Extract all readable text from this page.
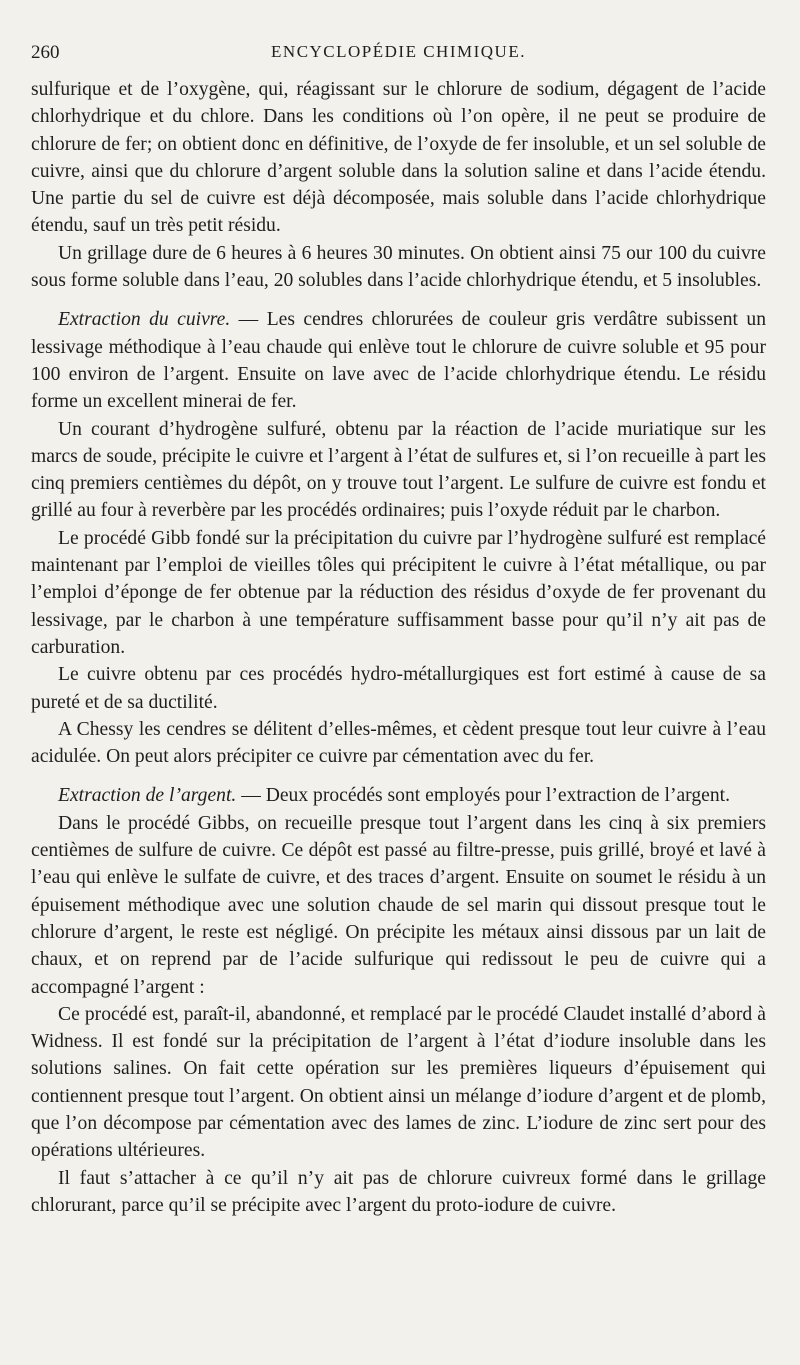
260	ENCYCLOPÉDIE CHIMIQUE.

sulfurique et de l’oxygène, qui, réagissant sur le chlorure de sodium, dégagent de l’acide chlorhydrique et du chlore. Dans les conditions où l’on opère, il ne peut se produire de chlorure de fer; on obtient donc en définitive, de l’oxyde de fer insoluble, et un sel soluble de cuivre, ainsi que du chlorure d’argent soluble dans la solution saline et dans l’acide étendu. Une partie du sel de cuivre est déjà décomposée, mais soluble dans l’acide chlorhydrique étendu, sauf un très petit résidu.

Un grillage dure de 6 heures à 6 heures 30 minutes. On obtient ainsi 75 our 100 du cuivre sous forme soluble dans l’eau, 20 solubles dans l’acide chlorhydrique étendu, et 5 insolubles.

Extraction du cuivre. — Les cendres chlorurées de couleur gris verdâtre subissent un lessivage méthodique à l’eau chaude qui enlève tout le chlorure de cuivre soluble et 95 pour 100 environ de l’argent. Ensuite on lave avec de l’acide chlorhydrique étendu. Le résidu forme un excellent minerai de fer.

Un courant d’hydrogène sulfuré, obtenu par la réaction de l’acide muriatique sur les marcs de soude, précipite le cuivre et l’argent à l’état de sulfures et, si l’on recueille à part les cinq premiers centièmes du dépôt, on y trouve tout l’argent. Le sulfure de cuivre est fondu et grillé au four à reverbère par les procédés ordinaires; puis l’oxyde réduit par le charbon.

Le procédé Gibb fondé sur la précipitation du cuivre par l’hydrogène sulfuré est remplacé maintenant par l’emploi de vieilles tôles qui précipitent le cuivre à l’état métallique, ou par l’emploi d’éponge de fer obtenue par la réduction des résidus d’oxyde de fer provenant du lessivage, par le charbon à une température suffisamment basse pour qu’il n’y ait pas de carburation.

Le cuivre obtenu par ces procédés hydro-métallurgiques est fort estimé à cause de sa pureté et de sa ductilité.

A Chessy les cendres se délitent d’elles-mêmes, et cèdent presque tout leur cuivre à l’eau acidulée. On peut alors précipiter ce cuivre par cémentation avec du fer.

Extraction de l’argent. — Deux procédés sont employés pour l’extraction de l’argent.

Dans le procédé Gibbs, on recueille presque tout l’argent dans les cinq à six premiers centièmes de sulfure de cuivre. Ce dépôt est passé au filtre-presse, puis grillé, broyé et lavé à l’eau qui enlève le sulfate de cuivre, et des traces d’argent. Ensuite on soumet le résidu à un épuisement méthodique avec une solution chaude de sel marin qui dissout presque tout le chlorure d’argent, le reste est négligé. On précipite les métaux ainsi dissous par un lait de chaux, et on reprend par de l’acide sulfurique qui redissout le peu de cuivre qui a accompagné l’argent :

Ce procédé est, paraît-il, abandonné, et remplacé par le procédé Claudet installé d’abord à Widness. Il est fondé sur la précipitation de l’argent à l’état d’iodure insoluble dans les solutions salines. On fait cette opération sur les premières liqueurs d’épuisement qui contiennent presque tout l’argent. On obtient ainsi un mélange d’iodure d’argent et de plomb, que l’on décompose par cémentation avec des lames de zinc. L’iodure de zinc sert pour des opérations ultérieures.

Il faut s’attacher à ce qu’il n’y ait pas de chlorure cuivreux formé dans le grillage chlorurant, parce qu’il se précipite avec l’argent du proto-iodure de cuivre.
